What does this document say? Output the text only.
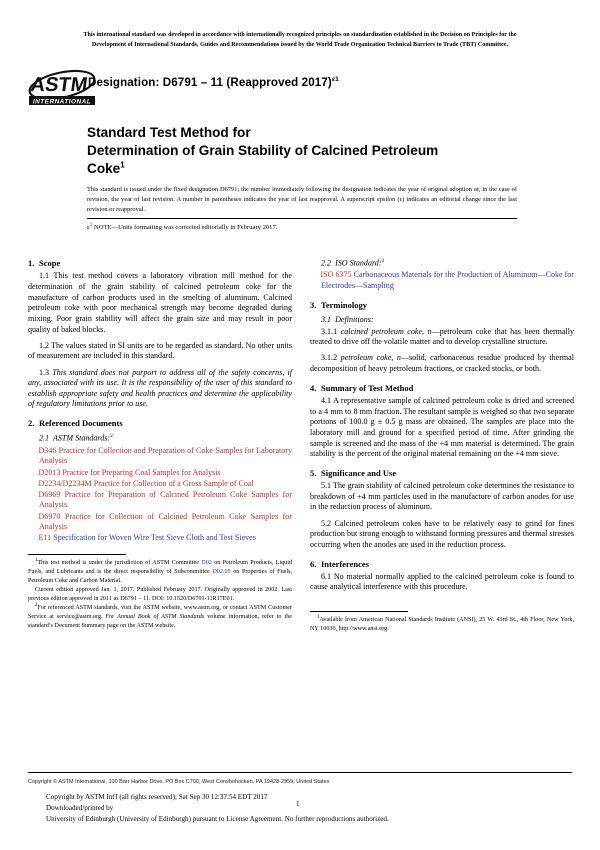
This international standard was developed in accordance with internationally recognized principles on standardization established in the Decision on Principles for the
Development of International Standards, Guides and Recommendations issued by the World Trade Organization Technical Barriers to Trade (TBT) Committee.
ASTM
INTERNATIONAL
Designation: D6791 – 11 (Reapproved 2017)$^{\varepsilon 1}$
Standard Test Method for
Determination of Grain Stability of Calcined Petroleum
Coke$^1$
This standard is issued under the fixed designation D6791; the number immediately following the designation indicates the year of original adoption or, in the case of revision, the year of last revision. A number in parentheses indicates the year of last reapproval. A superscript epsilon (ε) indicates an editorial change since the last revision or reapproval.
$\varepsilon^1$ NOTE—Units formatting was corrected editorially in February 2017.
1. Scope

1.1 This test method covers a laboratory vibration mill method for the determination of the grain stability of calcined petroleum coke for the manufacture of carbon products used in the smelting of aluminum. Calcined petroleum coke with poor mechanical strength may become degraded during mixing. Poor grain stability will affect the grain size and may result in poor quality of baked blocks.

1.2 The values stated in SI units are to be regarded as standard. No other units of measurement are included in this standard.

1.3 This standard does not purport to address all of the safety concerns, if any, associated with its use. It is the responsibility of the user of this standard to establish appropriate safety and health practices and determine the applicability of regulatory limitations prior to use.

2. Referenced Documents

2.1 ASTM Standards:$^2$

D346 Practice for Collection and Preparation of Coke Samples for Laboratory Analysis
D2013 Practice for Preparing Coal Samples for Analysis
D2234/D2234M Practice for Collection of a Gross Sample of Coal
D6969 Practice for Preparation of Calcined Petroleum Coke Samples for Analysis
D6970 Practice for Collection of Calcined Petroleum Coke Samples for Analysis
E11 Specification for Woven Wire Test Sieve Cloth and Test Sieves

$^1$This test method is under the jurisdiction of ASTM Committee D02 on Petroleum Products, Liquid Fuels, and Lubricants and is the direct responsibility of Subcommittee D02.05 on Properties of Fuels, Petroleum Coke and Carbon Material.

Current edition approved Jan. 1, 2017. Published February 2017. Originally approved in 2002. Last previous edition approved in 2011 as D6791 – 11. DOI: 10.1520/D6791-11R17E01.

$^2$For referenced ASTM standards, visit the ASTM website, www.astm.org, or contact ASTM Customer Service at service@astm.org. For Annual Book of ASTM Standards volume information, refer to the standard’s Document Summary page on the ASTM website.

2.2 ISO Standard:$^3$

ISO 6375 Carbonaceous Materials for the Production of Aluminum—Coke for Electrodes—Sampling
3. Terminology

3.1 Definitions:

3.1.1 calcined petroleum coke, n—petroleum coke that has been thermally treated to drive off the volatile matter and to develop crystalline structure.

3.1.2 petroleum coke, n—solid, carbonaceous residue produced by thermal decomposition of heavy petroleum fractions, or cracked stocks, or both.

4. Summary of Test Method

4.1 A representative sample of calcined petroleum coke is dried and screened to a 4 mm to 8 mm fraction. The resultant sample is weighed so that two separate portions of 100.0 g ± 0.5 g mass are obtained. The samples are place into the laboratory mill and ground for a specified period of time. After grinding the sample is screened and the mass of the +4 mm material is determined. The grain stability is the percent of the original material remaining on the +4 mm sieve.

5. Significance and Use

5.1 The grain stability of calcined petroleum coke determines the resistance to breakdown of +4 mm particles used in the manufacture of carbon anodes for use in the reduction process of aluminum.

5.2 Calcined petroleum cokes have to be relatively easy to grind for fines production but strong enough to withstand forming pressures and thermal stresses occurring when the anodes are used in the reduction process.

6. Interferences

6.1 No material normally applied to the calcined petroleum coke is found to cause analytical interference with this procedure.

$^3$Available from American National Standards Institute (ANSI), 25 W. 43rd St., 4th Floor, New York, NY 10036, http://www.ansi.org.

Copyright © ASTM International, 100 Barr Harbor Drive, PO Box C700, West Conshohocken, PA 19428-2959, United States
Copyright by ASTM Int'l (all rights reserved); Sat Sep 30 12:37:54 EDT 2017
Downloaded/printed by
University of Edinburgh (University of Edinburgh) pursuant to License Agreement. No further reproductions authorized.
1
